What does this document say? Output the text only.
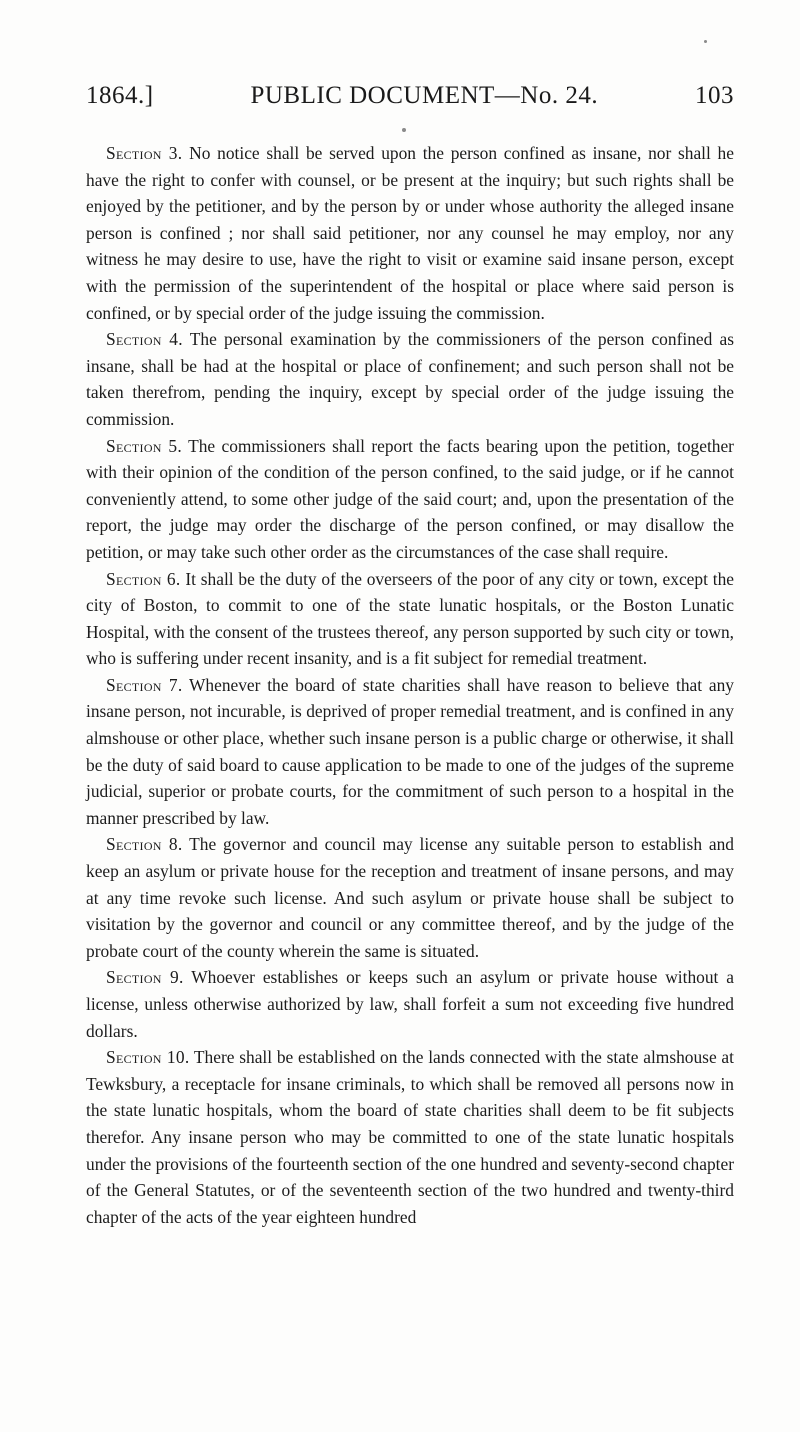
1864.]	PUBLIC DOCUMENT—No. 24.	103

Section 3. No notice shall be served upon the person confined as insane, nor shall he have the right to confer with counsel, or be present at the inquiry; but such rights shall be enjoyed by the petitioner, and by the person by or under whose authority the alleged insane person is confined ; nor shall said petitioner, nor any counsel he may employ, nor any witness he may desire to use, have the right to visit or examine said insane person, except with the permission of the superintendent of the hospital or place where said person is confined, or by special order of the judge issuing the commission.

Section 4. The personal examination by the commissioners of the person confined as insane, shall be had at the hospital or place of confinement; and such person shall not be taken therefrom, pending the inquiry, except by special order of the judge issuing the commission.

Section 5. The commissioners shall report the facts bearing upon the petition, together with their opinion of the condition of the person confined, to the said judge, or if he cannot conveniently attend, to some other judge of the said court; and, upon the presentation of the report, the judge may order the discharge of the person confined, or may disallow the petition, or may take such other order as the circumstances of the case shall require.

Section 6. It shall be the duty of the overseers of the poor of any city or town, except the city of Boston, to commit to one of the state lunatic hospitals, or the Boston Lunatic Hospital, with the consent of the trustees thereof, any person supported by such city or town, who is suffering under recent insanity, and is a fit subject for remedial treatment.

Section 7. Whenever the board of state charities shall have reason to believe that any insane person, not incurable, is deprived of proper remedial treatment, and is confined in any almshouse or other place, whether such insane person is a public charge or otherwise, it shall be the duty of said board to cause application to be made to one of the judges of the supreme judicial, superior or probate courts, for the commitment of such person to a hospital in the manner prescribed by law.

Section 8. The governor and council may license any suitable person to establish and keep an asylum or private house for the reception and treatment of insane persons, and may at any time revoke such license. And such asylum or private house shall be subject to visitation by the governor and council or any committee thereof, and by the judge of the probate court of the county wherein the same is situated.

Section 9. Whoever establishes or keeps such an asylum or private house without a license, unless otherwise authorized by law, shall forfeit a sum not exceeding five hundred dollars.

Section 10. There shall be established on the lands connected with the state almshouse at Tewksbury, a receptacle for insane criminals, to which shall be removed all persons now in the state lunatic hospitals, whom the board of state charities shall deem to be fit subjects therefor. Any insane person who may be committed to one of the state lunatic hospitals under the provisions of the fourteenth section of the one hundred and seventy-second chapter of the General Statutes, or of the seventeenth section of the two hundred and twenty-third chapter of the acts of the year eighteen hundred
